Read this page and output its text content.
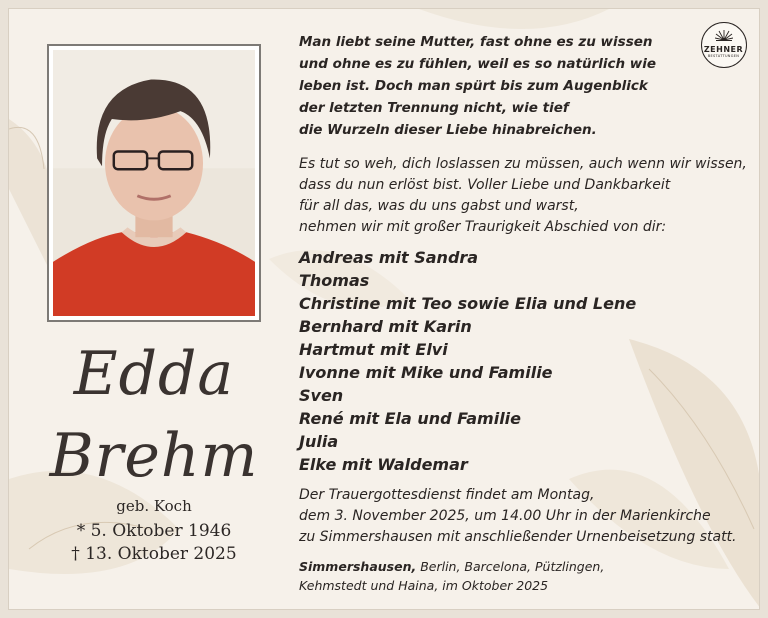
Edda
Brehm
geb. Koch
* 5. Oktober 1946
† 13. Oktober 2025
Man liebt seine Mutter, fast ohne es zu wissen
und ohne es zu fühlen, weil es so natürlich wie
leben ist. Doch man spürt bis zum Augenblick
der letzten Trennung nicht, wie tief
die Wurzeln dieser Liebe hinabreichen.
Es tut so weh, dich loslassen zu müssen, auch wenn wir wissen,
dass du nun erlöst bist. Voller Liebe und Dankbarkeit
für all das, was du uns gabst und warst,
nehmen wir mit großer Traurigkeit Abschied von dir:
Andreas mit Sandra
Thomas
Christine mit Teo sowie Elia und Lene
Bernhard mit Karin
Hartmut mit Elvi
Ivonne mit Mike und Familie
Sven
René mit Ela und Familie
Julia
Elke mit Waldemar
Der Trauergottesdienst findet am Montag,
dem 3. November 2025, um 14.00 Uhr in der Marienkirche
zu Simmershausen mit anschließender Urnenbeisetzung statt.
Simmershausen, Berlin, Barcelona, Pützlingen,
Kehmstedt und Haina, im Oktober 2025
ZEHNER
BESTATTUNGEN
